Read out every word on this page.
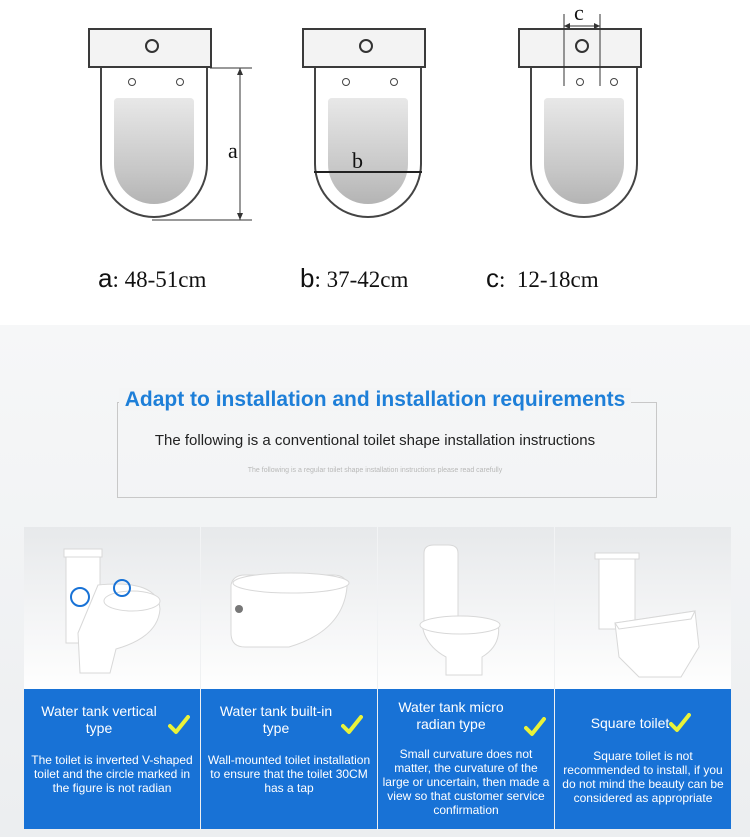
a	b
c
a: 48-51cm	b: 37-42cm	c: 12-18cm
Adapt to installation and installation requirements
The following is a conventional toilet shape installation instructions
The following is a regular toilet shape installation instructions please read carefully
Water tank vertical type
The toilet is inverted V-shaped toilet and the circle marked in the figure is not radian
Water tank built-in type
Wall-mounted toilet installation to ensure that the toilet 30CM has a tap
Water tank micro radian type
Small curvature does not matter, the curvature of the large or uncertain, then made a view so that customer service confirmation
Square toilet
Square toilet is not recommended to install, if you do not mind the beauty can be considered as appropriate
